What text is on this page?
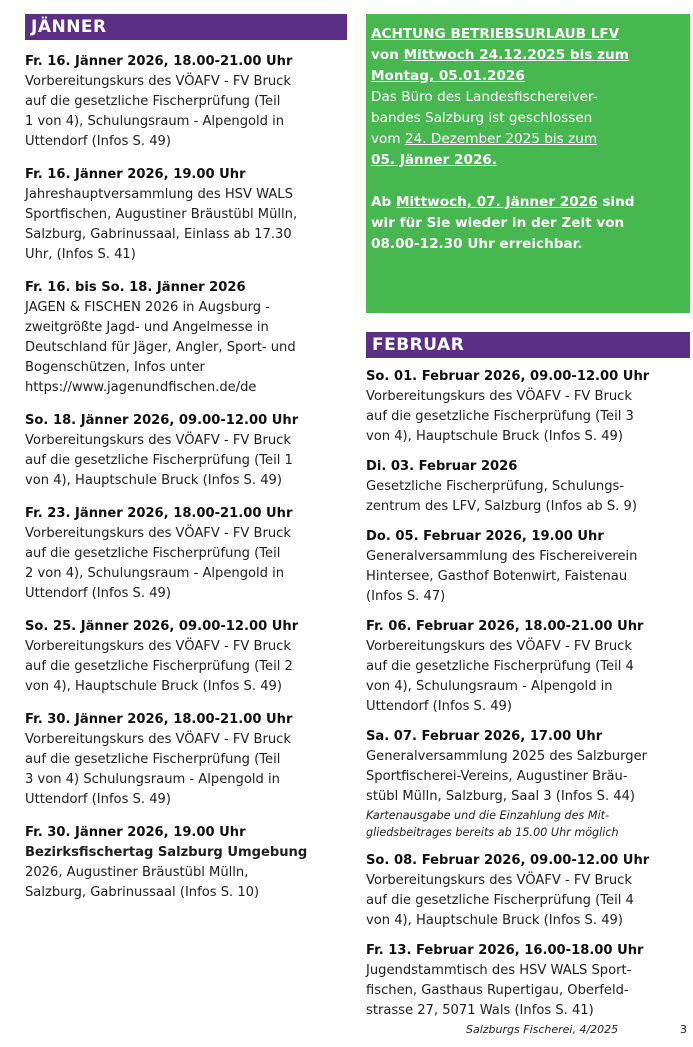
JÄNNER
Fr. 16. Jänner 2026, 18.00-21.00 Uhr
Vorbereitungskurs des VÖAFV - FV Bruck
auf die gesetzliche Fischerprüfung (Teil
1 von 4), Schulungsraum - Alpengold in
Uttendorf (Infos S. 49)
Fr. 16. Jänner 2026, 19.00 Uhr
Jahreshauptversammlung des HSV WALS
Sportfischen, Augustiner Bräustübl Mülln,
Salzburg, Gabrinussaal, Einlass ab 17.30
Uhr, (Infos S. 41)
Fr. 16. bis So. 18. Jänner 2026
JAGEN & FISCHEN 2026 in Augsburg -
zweitgrößte Jagd- und Angelmesse in
Deutschland für Jäger, Angler, Sport- und
Bogenschützen, Infos unter
https://www.jagenundfischen.de/de
So. 18. Jänner 2026, 09.00-12.00 Uhr
Vorbereitungskurs des VÖAFV - FV Bruck
auf die gesetzliche Fischerprüfung (Teil 1
von 4), Hauptschule Bruck (Infos S. 49)
Fr. 23. Jänner 2026, 18.00-21.00 Uhr
Vorbereitungskurs des VÖAFV - FV Bruck
auf die gesetzliche Fischerprüfung (Teil
2 von 4), Schulungsraum - Alpengold in
Uttendorf (Infos S. 49)
So. 25. Jänner 2026, 09.00-12.00 Uhr
Vorbereitungskurs des VÖAFV - FV Bruck
auf die gesetzliche Fischerprüfung (Teil 2
von 4), Hauptschule Bruck (Infos S. 49)
Fr. 30. Jänner 2026, 18.00-21.00 Uhr
Vorbereitungskurs des VÖAFV - FV Bruck
auf die gesetzliche Fischerprüfung (Teil
3 von 4) Schulungsraum - Alpengold in
Uttendorf (Infos S. 49)
Fr. 30. Jänner 2026, 19.00 Uhr
Bezirksfischertag Salzburg Umgebung
2026, Augustiner Bräustübl Mülln,
Salzburg, Gabrinussaal (Infos S. 10)
ACHTUNG BETRIEBSURLAUB LFV
von Mittwoch 24.12.2025 bis zum
Montag, 05.01.2026
Das Büro des Landesfischereiver-
bandes Salzburg ist geschlossen
vom 24. Dezember 2025 bis zum
05. Jänner 2026.
Ab Mittwoch, 07. Jänner 2026 sind
wir für Sie wieder in der Zeit von
08.00-12.30 Uhr erreichbar.
FEBRUAR
So. 01. Februar 2026, 09.00-12.00 Uhr
Vorbereitungskurs des VÖAFV - FV Bruck
auf die gesetzliche Fischerprüfung (Teil 3
von 4), Hauptschule Bruck (Infos S. 49)
Di. 03. Februar 2026
Gesetzliche Fischerprüfung, Schulungs-
zentrum des LFV, Salzburg (Infos ab S. 9)
Do. 05. Februar 2026, 19.00 Uhr
Generalversammlung des Fischereiverein
Hintersee, Gasthof Botenwirt, Faistenau
(Infos S. 47)
Fr. 06. Februar 2026, 18.00-21.00 Uhr
Vorbereitungskurs des VÖAFV - FV Bruck
auf die gesetzliche Fischerprüfung (Teil 4
von 4), Schulungsraum - Alpengold in
Uttendorf (Infos S. 49)
Sa. 07. Februar 2026, 17.00 Uhr
Generalversammlung 2025 des Salzburger
Sportfischerei-Vereins, Augustiner Bräu-
stübl Mülln, Salzburg, Saal 3 (Infos S. 44)
Kartenausgabe und die Einzahlung des Mit-
gliedsbeitrages bereits ab 15.00 Uhr möglich
So. 08. Februar 2026, 09.00-12.00 Uhr
Vorbereitungskurs des VÖAFV - FV Bruck
auf die gesetzliche Fischerprüfung (Teil 4
von 4), Hauptschule Bruck (Infos S. 49)
Fr. 13. Februar 2026, 16.00-18.00 Uhr
Jugendstammtisch des HSV WALS Sport-
fischen, Gasthaus Rupertigau, Oberfeld-
strasse 27, 5071 Wals (Infos S. 41)
Salzburgs Fischerei, 4/2025	3
